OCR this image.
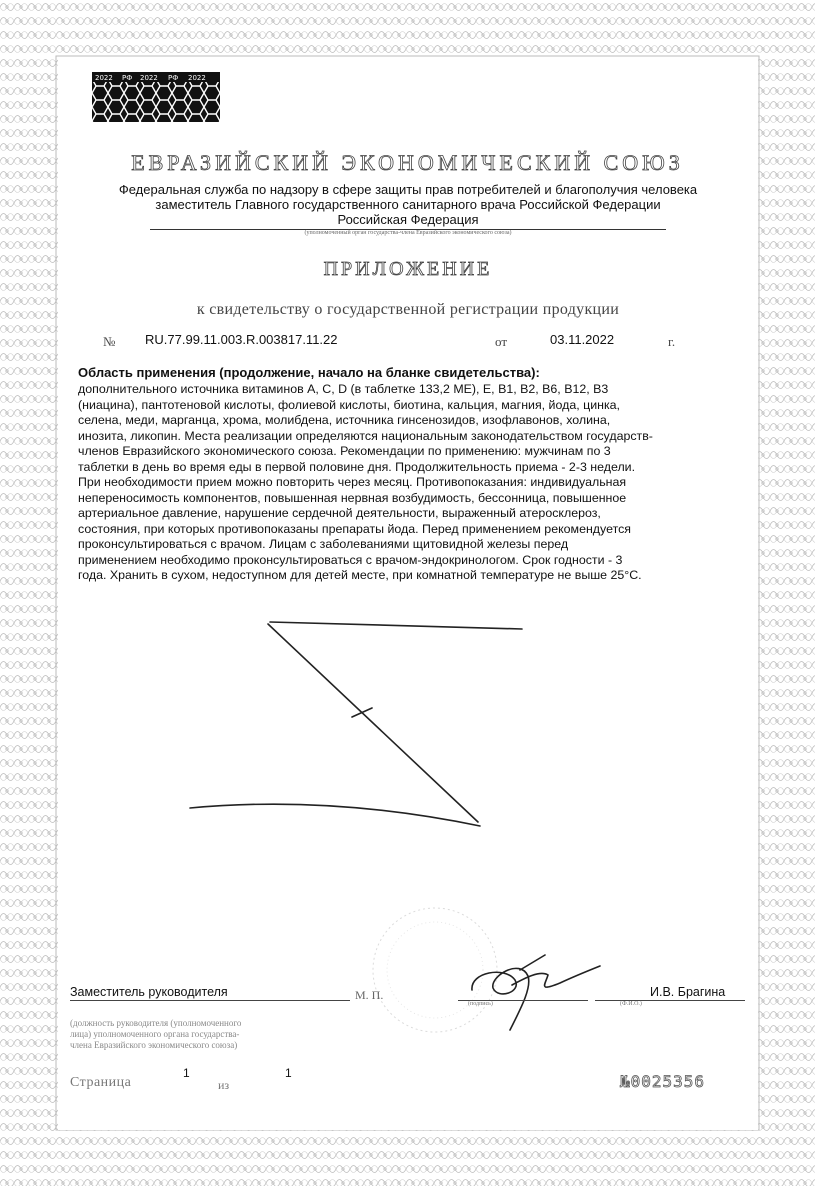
2022 РФ 2022 РФ 2022
ЕВРАЗИЙСКИЙ ЭКОНОМИЧЕСКИЙ СОЮЗ
Федеральная служба по надзору в сфере защиты прав потребителей и благополучия человека
заместитель Главного государственного санитарного врача Российской Федерации
Российская Федерация
(уполномоченный орган государства-члена Евразийского экономического союза)
ПРИЛОЖЕНИЕ
к свидетельству о государственной регистрации продукции
№ RU.77.99.11.003.R.003817.11.22	от	03.11.2022	г.
Область применения (продолжение, начало на бланке свидетельства):
дополнительного источника витаминов А, С, D (в таблетке 133,2 МЕ), Е, В1, В2, В6, В12, В3
(ниацина), пантотеновой кислоты, фолиевой кислоты, биотина, кальция, магния, йода, цинка,
селена, меди, марганца, хрома, молибдена, источника гинсенозидов, изофлавонов, холина,
инозита, ликопин. Места реализации определяются национальным законодательством государств-
членов Евразийского экономического союза. Рекомендации по применению: мужчинам по 3
таблетки в день во время еды в первой половине дня. Продолжительность приема - 2-3 недели.
При необходимости прием можно повторить через месяц. Противопоказания: индивидуальная
непереносимость компонентов, повышенная нервная возбудимость, бессонница, повышенное
артериальное давление, нарушение сердечной деятельности, выраженный атеросклероз,
состояния, при которых противопоказаны препараты йода. Перед применением рекомендуется
проконсультироваться с врачом. Лицам с заболеваниями щитовидной железы перед
применением необходимо проконсультироваться с врачом-эндокринологом. Срок годности - 3
года. Хранить в сухом, недоступном для детей месте, при комнатной температуре не выше 25°С.
Заместитель руководителя	М. П.
(подпись)
И.В. Брагина
(Ф.И.О.)
(должность руководителя (уполномоченного
лица) уполномоченного органа государства-
члена Евразийского экономического союза)
Страница
1
из
1	№0025356
